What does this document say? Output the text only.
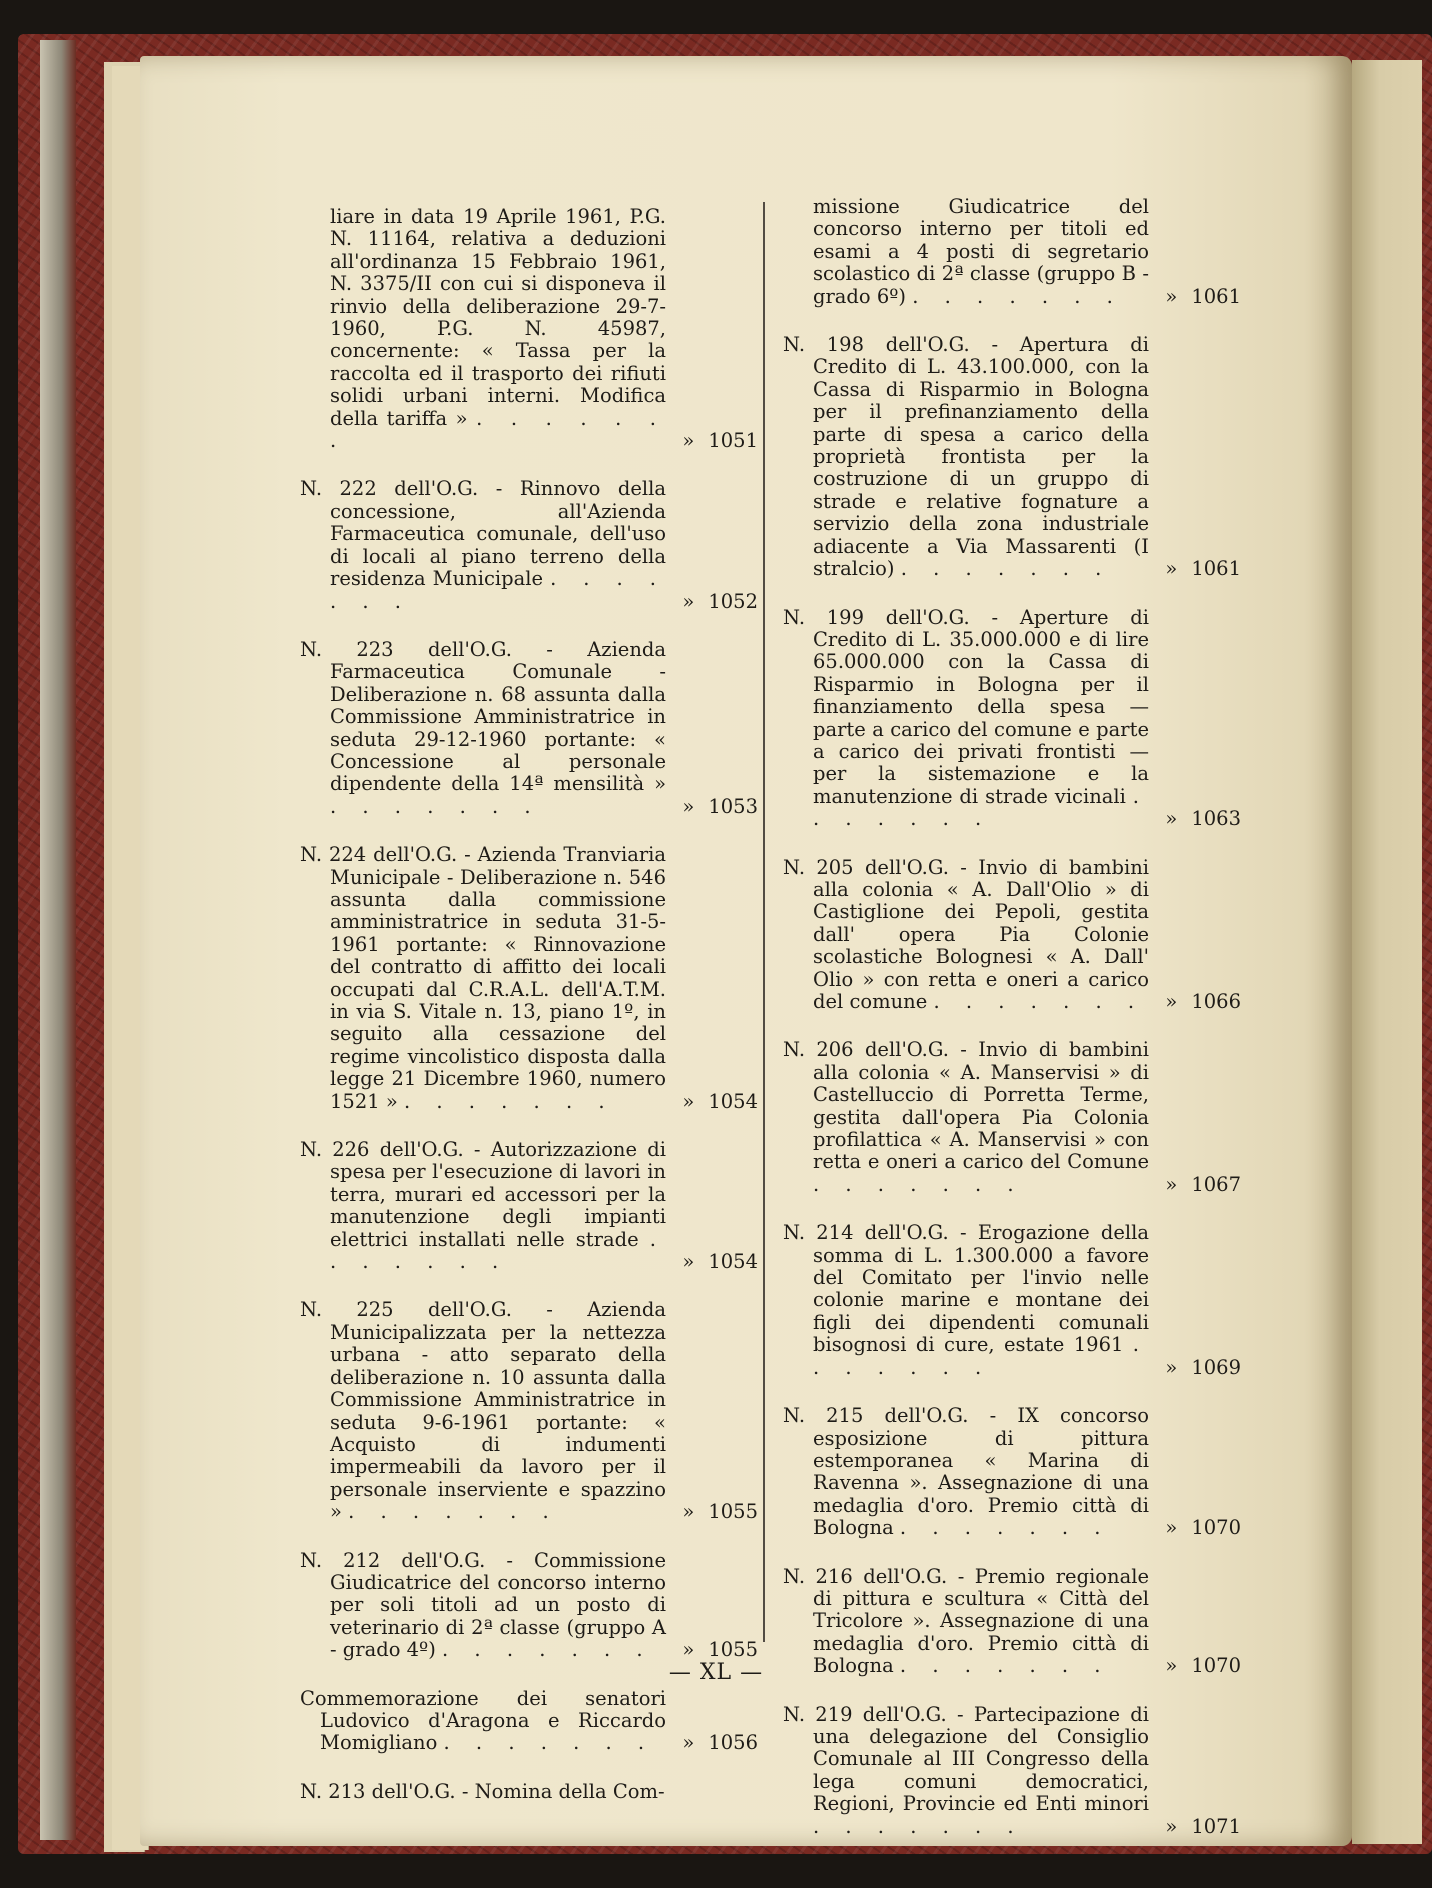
liare in data 19 Aprile 1961, P.G. N. 11164, relativa a deduzioni all'ordinanza 15 Febbraio 1961, N. 3375/II con cui si disponeva il rinvio della deliberazione 29-7-1960, P.G. N. 45987, concernente: « Tassa per la raccolta ed il trasporto dei rifiuti solidi urbani interni. Modifica della tariffa » . . . . . . .	» 1051
N. 222 dell'O.G. - Rinnovo della concessione, all'Azienda Farmaceutica comunale, dell'uso di locali al piano terreno della residenza Municipale . . . . . . .	» 1052
N. 223 dell'O.G. - Azienda Farmaceutica Comunale - Deliberazione n. 68 assunta dalla Commissione Amministratrice in seduta 29-12-1960 portante: « Concessione al personale dipendente della 14ª mensilità » . . . . . . .	» 1053
N. 224 dell'O.G. - Azienda Tranviaria Municipale - Deliberazione n. 546 assunta dalla commissione amministratrice in seduta 31-5-1961 portante: « Rinnovazione del contratto di affitto dei locali occupati dal C.R.A.L. dell'A.T.M. in via S. Vitale n. 13, piano 1º, in seguito alla cessazione del regime vincolistico disposta dalla legge 21 Dicembre 1960, numero 1521 » . . . . . . .	» 1054
N. 226 dell'O.G. - Autorizzazione di spesa per l'esecuzione di lavori in terra, murari ed accessori per la manutenzione degli impianti elettrici installati nelle strade . . . . . . .	» 1054
N. 225 dell'O.G. - Azienda Municipalizzata per la nettezza urbana - atto separato della deliberazione n. 10 assunta dalla Commissione Amministratrice in seduta 9-6-1961 portante: « Acquisto di indumenti impermeabili da lavoro per il personale inserviente e spazzino » . . . . . . .	» 1055
N. 212 dell'O.G. - Commissione Giudicatrice del concorso interno per soli titoli ad un posto di veterinario di 2ª classe (gruppo A - grado 4º) . . . . . . .	» 1055
Commemorazione dei senatori Ludovico d'Aragona e Riccardo Momigliano . . . . . . .	» 1056
N. 213 dell'O.G. - Nomina della Com-
missione Giudicatrice del concorso interno per titoli ed esami a 4 posti di segretario scolastico di 2ª classe (gruppo B - grado 6º) . . . . . . .	» 1061
N. 198 dell'O.G. - Apertura di Credito di L. 43.100.000, con la Cassa di Risparmio in Bologna per il prefinanziamento della parte di spesa a carico della proprietà frontista per la costruzione di un gruppo di strade e relative fognature a servizio della zona industriale adiacente a Via Massarenti (I stralcio) . . . . . . .	» 1061
N. 199 dell'O.G. - Aperture di Credito di L. 35.000.000 e di lire 65.000.000 con la Cassa di Risparmio in Bologna per il finanziamento della spesa — parte a carico del comune e parte a carico dei privati frontisti — per la sistemazione e la manutenzione di strade vicinali . . . . . . .	» 1063
N. 205 dell'O.G. - Invio di bambini alla colonia « A. Dall'Olio » di Castiglione dei Pepoli, gestita dall' opera Pia Colonie scolastiche Bolognesi « A. Dall' Olio » con retta e oneri a carico del comune . . . . . . .	» 1066
N. 206 dell'O.G. - Invio di bambini alla colonia « A. Manservisi » di Castelluccio di Porretta Terme, gestita dall'opera Pia Colonia profilattica « A. Manservisi » con retta e oneri a carico del Comune . . . . . . .	» 1067
N. 214 dell'O.G. - Erogazione della somma di L. 1.300.000 a favore del Comitato per l'invio nelle colonie marine e montane dei figli dei dipendenti comunali bisognosi di cure, estate 1961 . . . . . . .	» 1069
N. 215 dell'O.G. - IX concorso esposizione di pittura estemporanea « Marina di Ravenna ». Assegnazione di una medaglia d'oro. Premio città di Bologna . . . . . . .	» 1070
N. 216 dell'O.G. - Premio regionale di pittura e scultura « Città del Tricolore ». Assegnazione di una medaglia d'oro. Premio città di Bologna . . . . . . .	» 1070
N. 219 dell'O.G. - Partecipazione di una delegazione del Consiglio Comunale al III Congresso della lega comuni democratici, Regioni, Provincie ed Enti minori . . . . . . .	» 1071
— XL —
